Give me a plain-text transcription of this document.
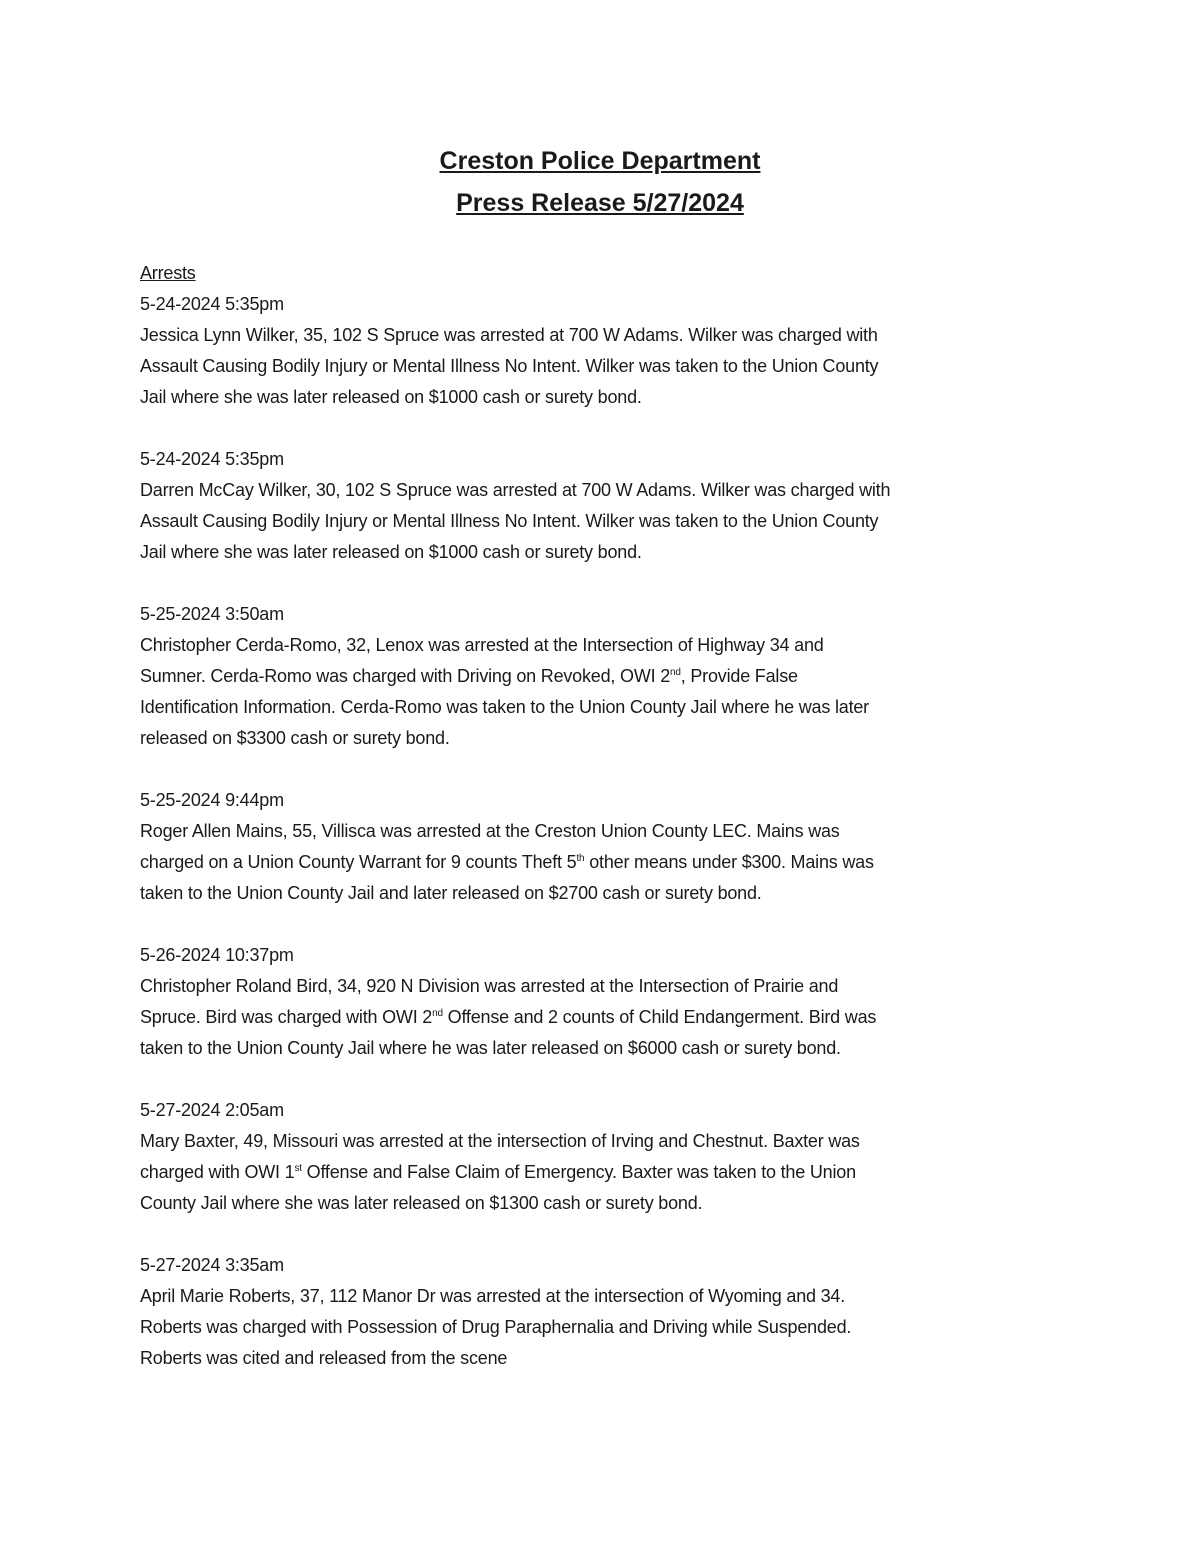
Creston Police Department
Press Release 5/27/2024
Arrests
5-24-2024 5:35pm
Jessica Lynn Wilker, 35, 102 S Spruce was arrested at 700 W Adams. Wilker was charged with
Assault Causing Bodily Injury or Mental Illness No Intent. Wilker was taken to the Union County
Jail where she was later released on $1000 cash or surety bond.
5-24-2024 5:35pm
Darren McCay Wilker, 30, 102 S Spruce was arrested at 700 W Adams. Wilker was charged with
Assault Causing Bodily Injury or Mental Illness No Intent. Wilker was taken to the Union County
Jail where she was later released on $1000 cash or surety bond.
5-25-2024 3:50am
Christopher Cerda-Romo, 32, Lenox was arrested at the Intersection of Highway 34 and
Sumner. Cerda-Romo was charged with Driving on Revoked, OWI 2nd, Provide False
Identification Information. Cerda-Romo was taken to the Union County Jail where he was later
released on $3300 cash or surety bond.
5-25-2024 9:44pm
Roger Allen Mains, 55, Villisca was arrested at the Creston Union County LEC. Mains was
charged on a Union County Warrant for 9 counts Theft 5th other means under $300. Mains was
taken to the Union County Jail and later released on $2700 cash or surety bond.
5-26-2024 10:37pm
Christopher Roland Bird, 34, 920 N Division was arrested at the Intersection of Prairie and
Spruce. Bird was charged with OWI 2nd Offense and 2 counts of Child Endangerment. Bird was
taken to the Union County Jail where he was later released on $6000 cash or surety bond.
5-27-2024 2:05am
Mary Baxter, 49, Missouri was arrested at the intersection of Irving and Chestnut. Baxter was
charged with OWI 1st Offense and False Claim of Emergency. Baxter was taken to the Union
County Jail where she was later released on $1300 cash or surety bond.
5-27-2024 3:35am
April Marie Roberts, 37, 112 Manor Dr was arrested at the intersection of Wyoming and 34.
Roberts was charged with Possession of Drug Paraphernalia and Driving while Suspended.
Roberts was cited and released from the scene
